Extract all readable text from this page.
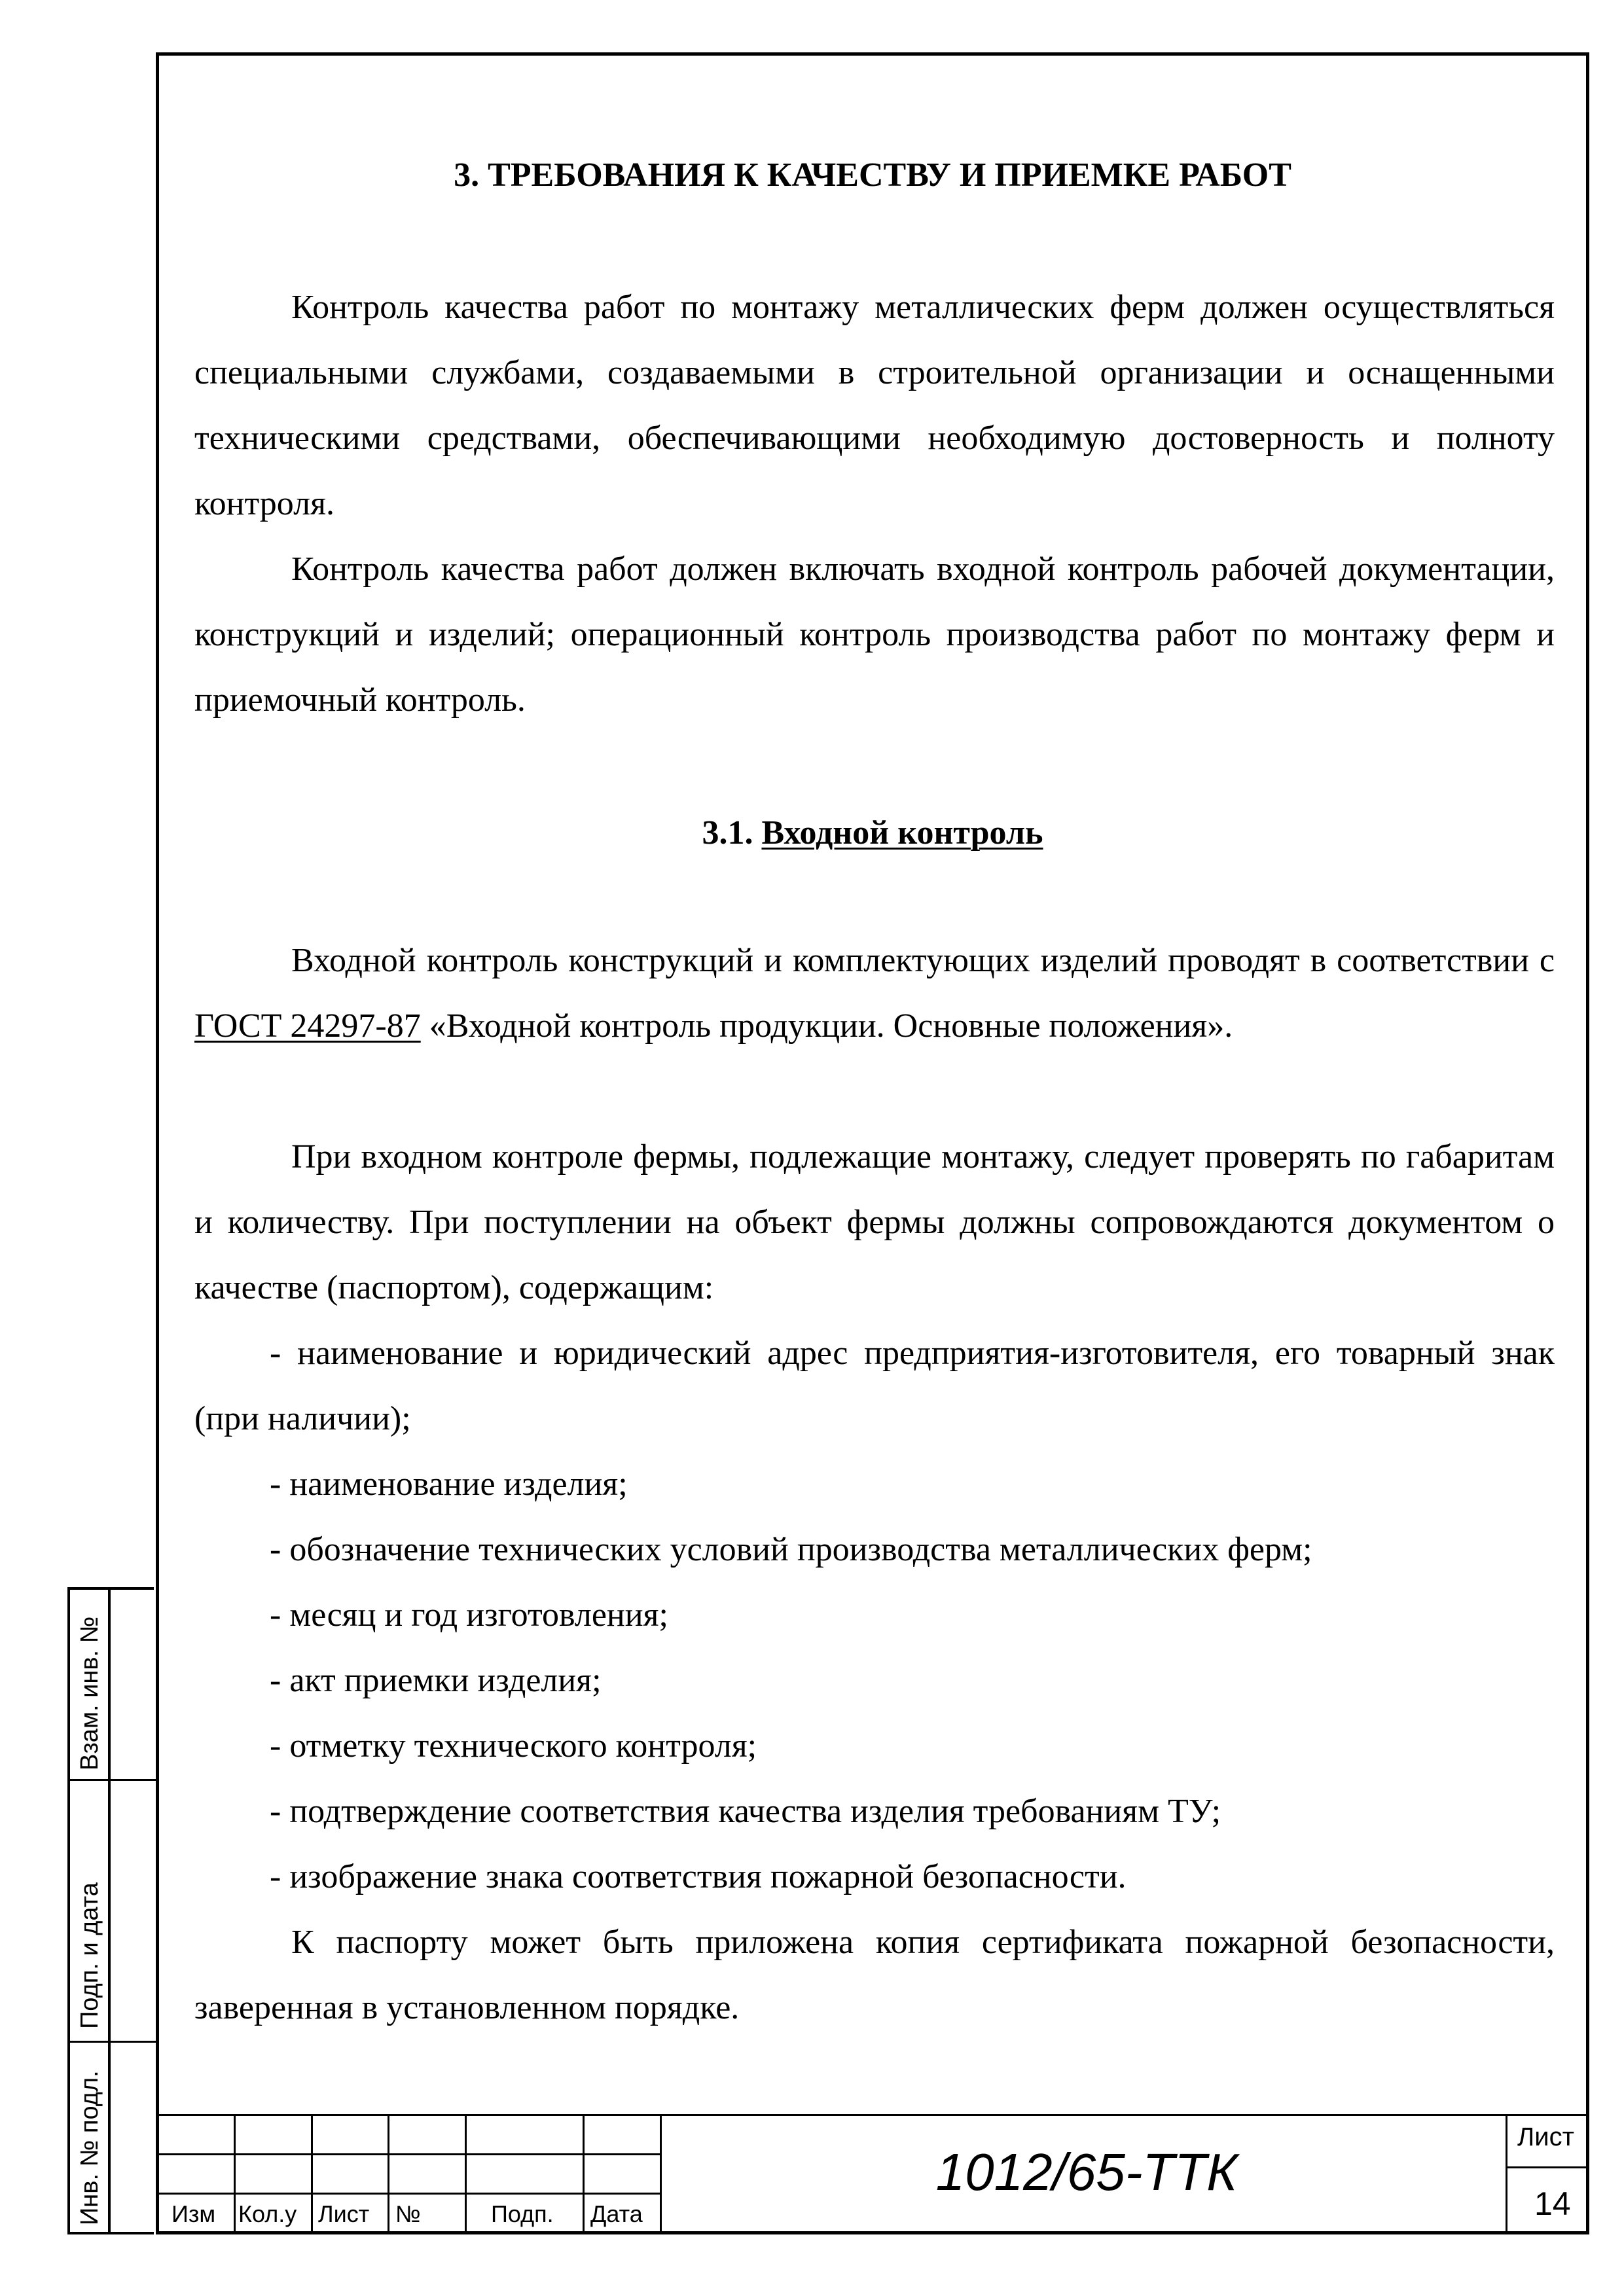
3. ТРЕБОВАНИЯ К КАЧЕСТВУ И ПРИЕМКЕ РАБОТ

Контроль качества работ по монтажу металлических ферм должен осуществляться специальными службами, создаваемыми в строительной организации и оснащенными техническими средствами, обеспечивающими необходимую достоверность и полноту контроля.

Контроль качества работ должен включать входной контроль рабочей документации, конструкций и изделий; операционный контроль производства работ по монтажу ферм и приемочный контроль.

3.1. Входной контроль

Входной контроль конструкций и комплектующих изделий проводят в соответствии с ГОСТ 24297-87 «Входной контроль продукции. Основные положения».

При входном контроле фермы, подлежащие монтажу, следует проверять по габаритам и количеству. При поступлении на объект фермы должны сопровождаются документом о качестве (паспортом), содержащим:

- наименование и юридический адрес предприятия-изготовителя, его товарный знак (при наличии);

- наименование изделия;

- обозначение технических условий производства металлических ферм;

- месяц и год изготовления;

- акт приемки изделия;

- отметку технического контроля;

- подтверждение соответствия качества изделия требованиям ТУ;

- изображение знака соответствия пожарной безопасности.

К паспорту может быть приложена копия сертификата пожарной безопасности, заверенная в установленном порядке.

Взам. инв. №
Подп. и дата
Инв. № подл.	Изм Кол.у Лист №	Подп. Дата
1012/65-ТТК
Лист
14
